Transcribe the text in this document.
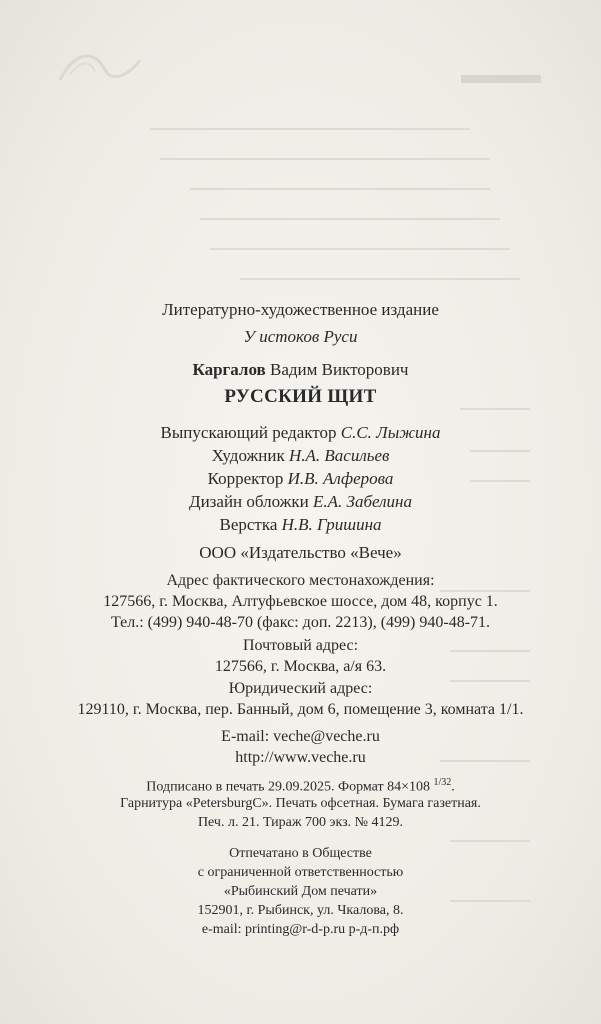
Литературно-художественное издание
У истоков Руси
Каргалов Вадим Викторович
РУССКИЙ ЩИТ
Выпускающий редактор С.С. Лыжина
Художник Н.А. Васильев
Корректор И.В. Алферова
Дизайн обложки Е.А. Забелина
Верстка Н.В. Гришина
ООО «Издательство «Вече»
Адрес фактического местонахождения:
127566, г. Москва, Алтуфьевское шоссе, дом 48, корпус 1.
Тел.: (499) 940-48-70 (факс: доп. 2213), (499) 940-48-71.
Почтовый адрес:
127566, г. Москва, а/я 63.
Юридический адрес:
129110, г. Москва, пер. Банный, дом 6, помещение 3, комната 1/1.
E-mail: veche@veche.ru
http://www.veche.ru
Подписано в печать 29.09.2025. Формат 84×108 $^{1/32}$.
Гарнитура «PetersburgC». Печать офсетная. Бумага газетная.
Печ. л. 21. Тираж 700 экз. № 4129.
Отпечатано в Обществе
с ограниченной ответственностью
«Рыбинский Дом печати»
152901, г. Рыбинск, ул. Чкалова, 8.
e-mail: printing@r-d-p.ru р-д-п.рф
